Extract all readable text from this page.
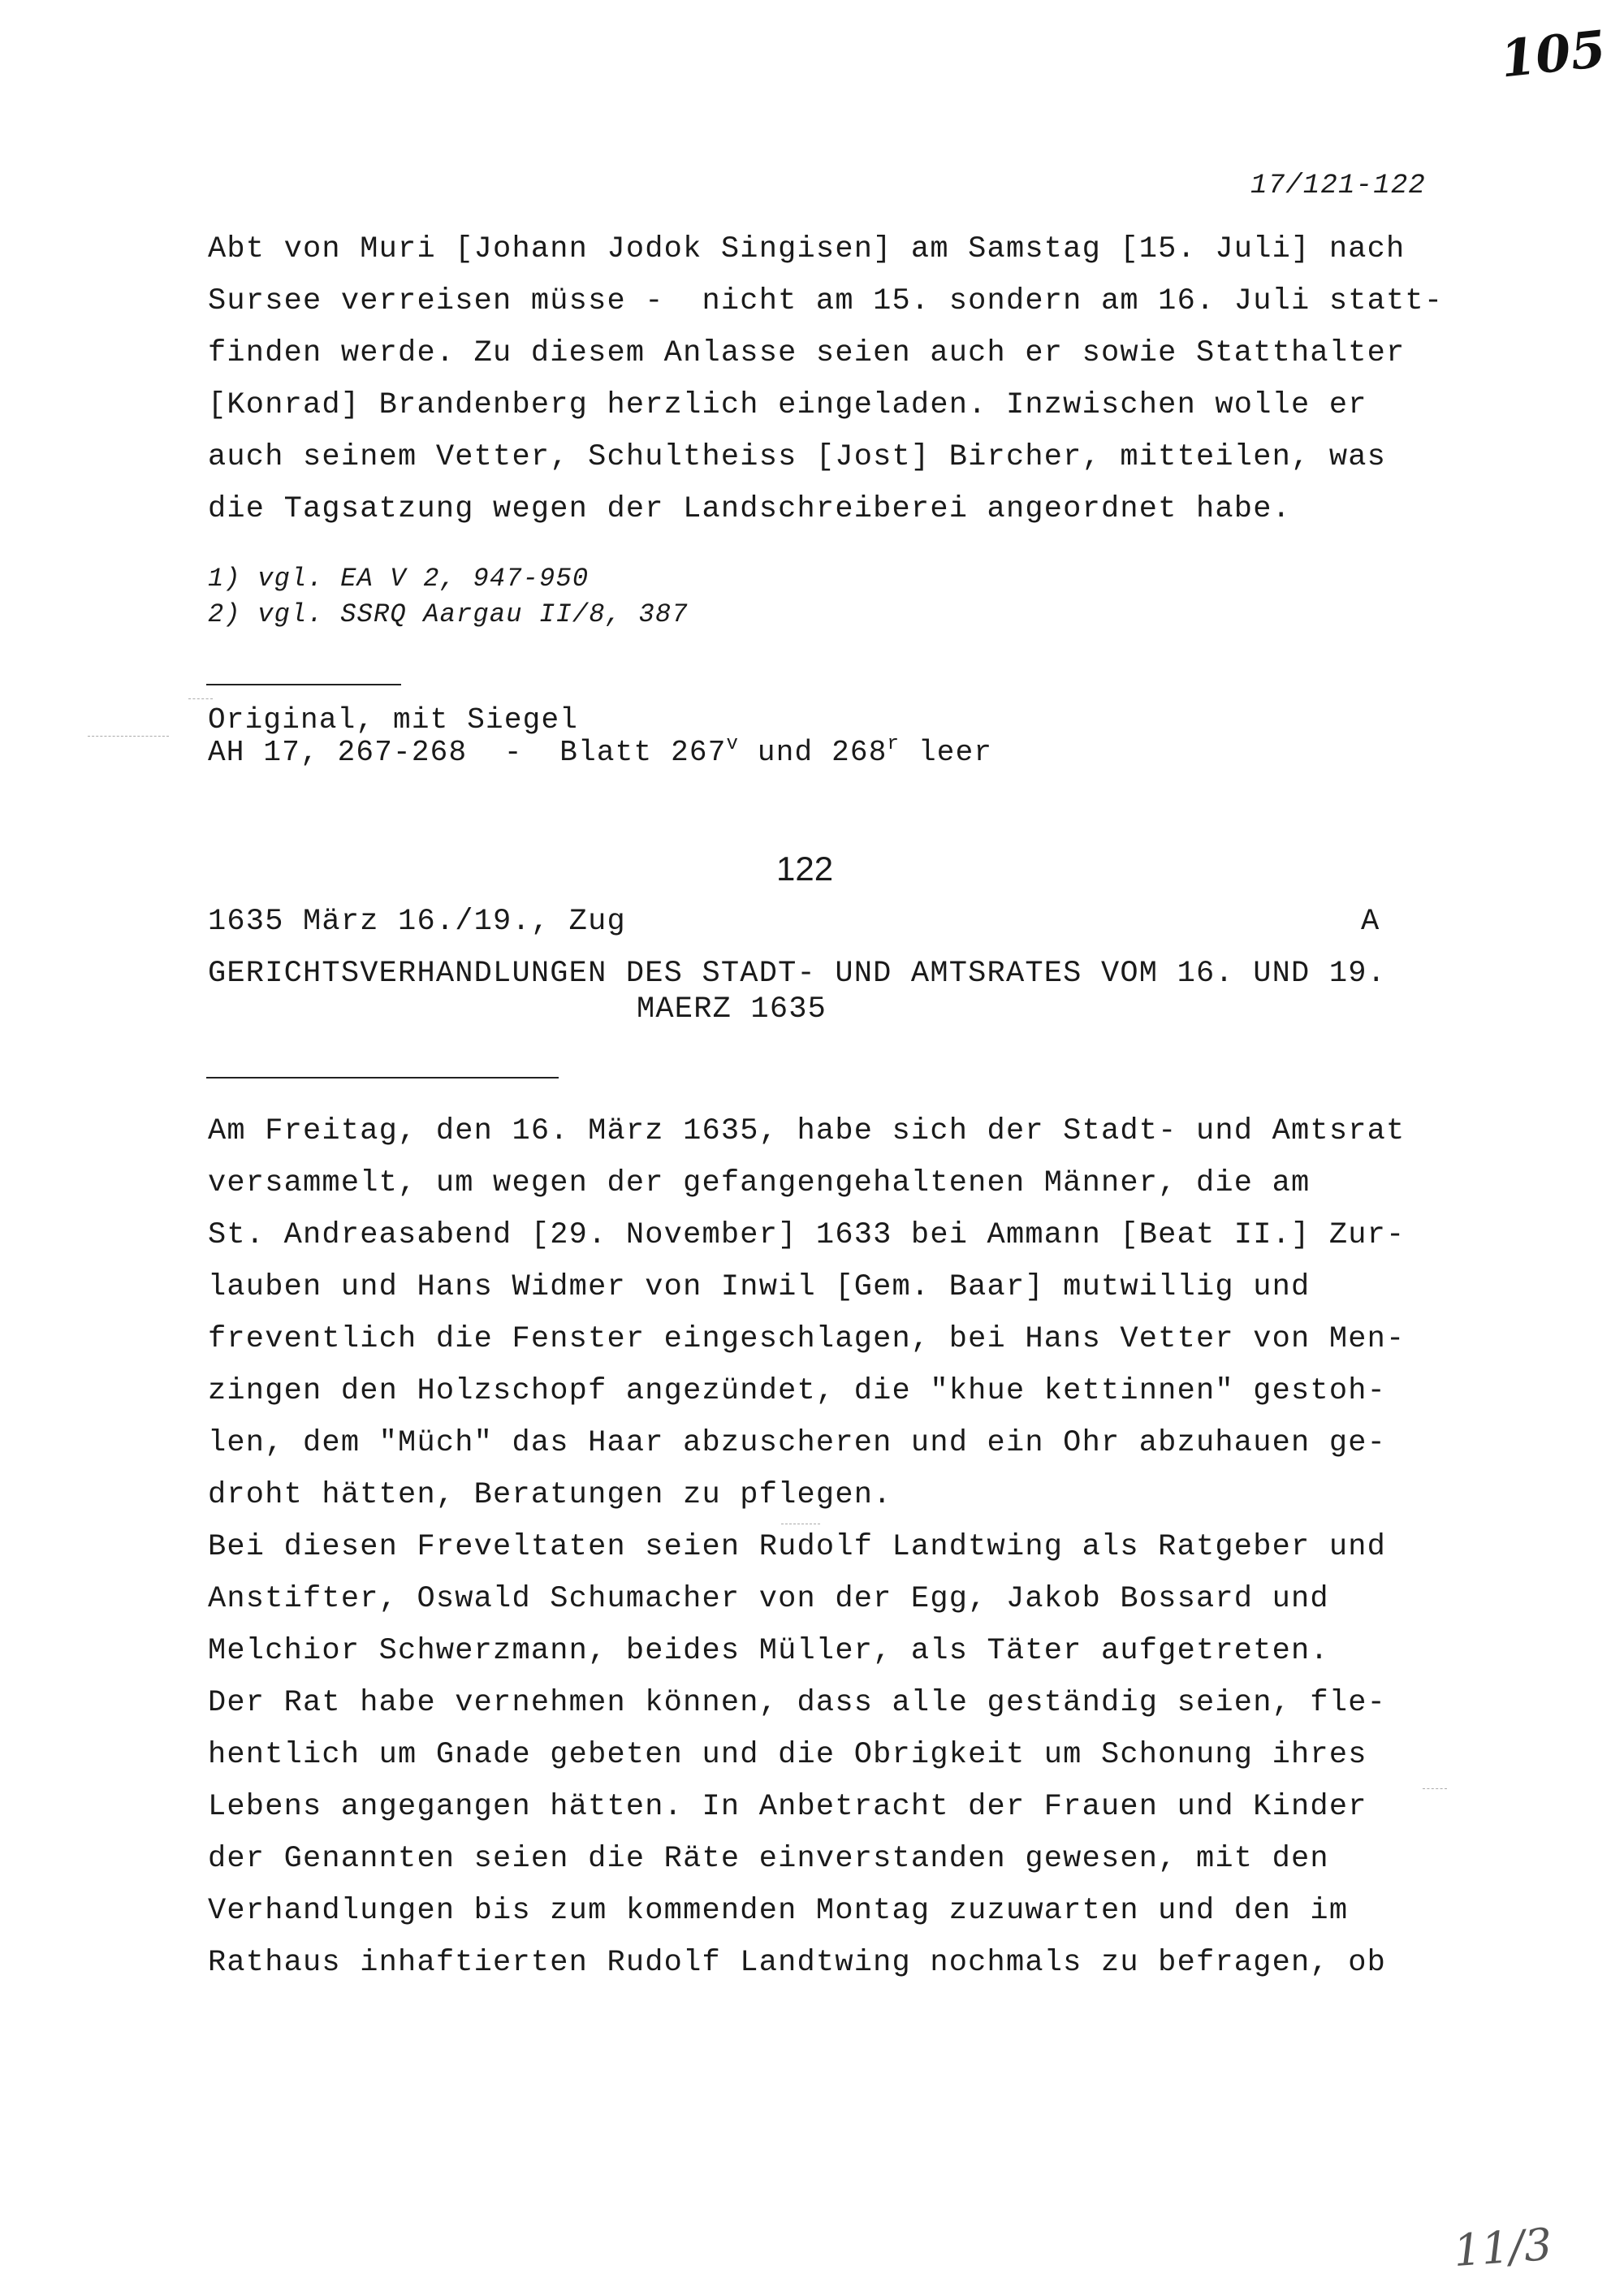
105
17/121-122
Abt von Muri [Johann Jodok Singisen] am Samstag [15. Juli] nach
Sursee verreisen müsse -  nicht am 15. sondern am 16. Juli statt-
finden werde. Zu diesem Anlasse seien auch er sowie Statthalter
[Konrad] Brandenberg herzlich eingeladen. Inzwischen wolle er
auch seinem Vetter, Schultheiss [Jost] Bircher, mitteilen, was
die Tagsatzung wegen der Landschreiberei angeordnet habe.
1) vgl. EA V 2, 947-950
2) vgl. SSRQ Aargau II/8, 387
Original, mit Siegel
AH 17, 267-268  -  Blatt 267$^v$ und 268$^r$ leer
122
1635 März 16./19., Zug	A
GERICHTSVERHANDLUNGEN DES STADT- UND AMTSRATES VOM 16. UND 19.
MAERZ 1635
Am Freitag, den 16. März 1635, habe sich der Stadt- und Amtsrat
versammelt, um wegen der gefangengehaltenen Männer, die am
St. Andreasabend [29. November] 1633 bei Ammann [Beat II.] Zur-
lauben und Hans Widmer von Inwil [Gem. Baar] mutwillig und
freventlich die Fenster eingeschlagen, bei Hans Vetter von Men-
zingen den Holzschopf angezündet, die "khue kettinnen" gestoh-
len, dem "Müch" das Haar abzuscheren und ein Ohr abzuhauen ge-
droht hätten, Beratungen zu pflegen.
Bei diesen Freveltaten seien Rudolf Landtwing als Ratgeber und
Anstifter, Oswald Schumacher von der Egg, Jakob Bossard und
Melchior Schwerzmann, beides Müller, als Täter aufgetreten.
Der Rat habe vernehmen können, dass alle geständig seien, fle-
hentlich um Gnade gebeten und die Obrigkeit um Schonung ihres
Lebens angegangen hätten. In Anbetracht der Frauen und Kinder
der Genannten seien die Räte einverstanden gewesen, mit den
Verhandlungen bis zum kommenden Montag zuzuwarten und den im
Rathaus inhaftierten Rudolf Landtwing nochmals zu befragen, ob
11/3
